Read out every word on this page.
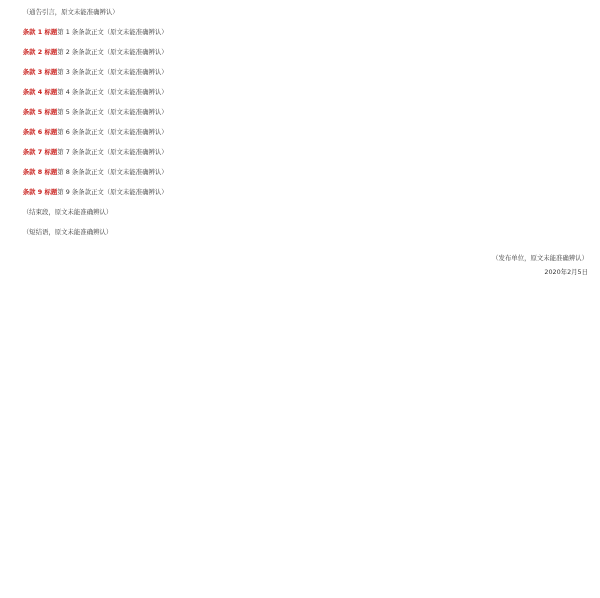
（通告引言，原文未能准确辨认）

条款 1 标题第 1 条条款正文（原文未能准确辨认）

条款 2 标题第 2 条条款正文（原文未能准确辨认）

条款 3 标题第 3 条条款正文（原文未能准确辨认）

条款 4 标题第 4 条条款正文（原文未能准确辨认）

条款 5 标题第 5 条条款正文（原文未能准确辨认）

条款 6 标题第 6 条条款正文（原文未能准确辨认）

条款 7 标题第 7 条条款正文（原文未能准确辨认）

条款 8 标题第 8 条条款正文（原文未能准确辨认）

条款 9 标题第 9 条条款正文（原文未能准确辨认）

（结束段，原文未能准确辨认）

（短结语，原文未能准确辨认）

（发布单位，原文未能准确辨认）

2020年2月5日
